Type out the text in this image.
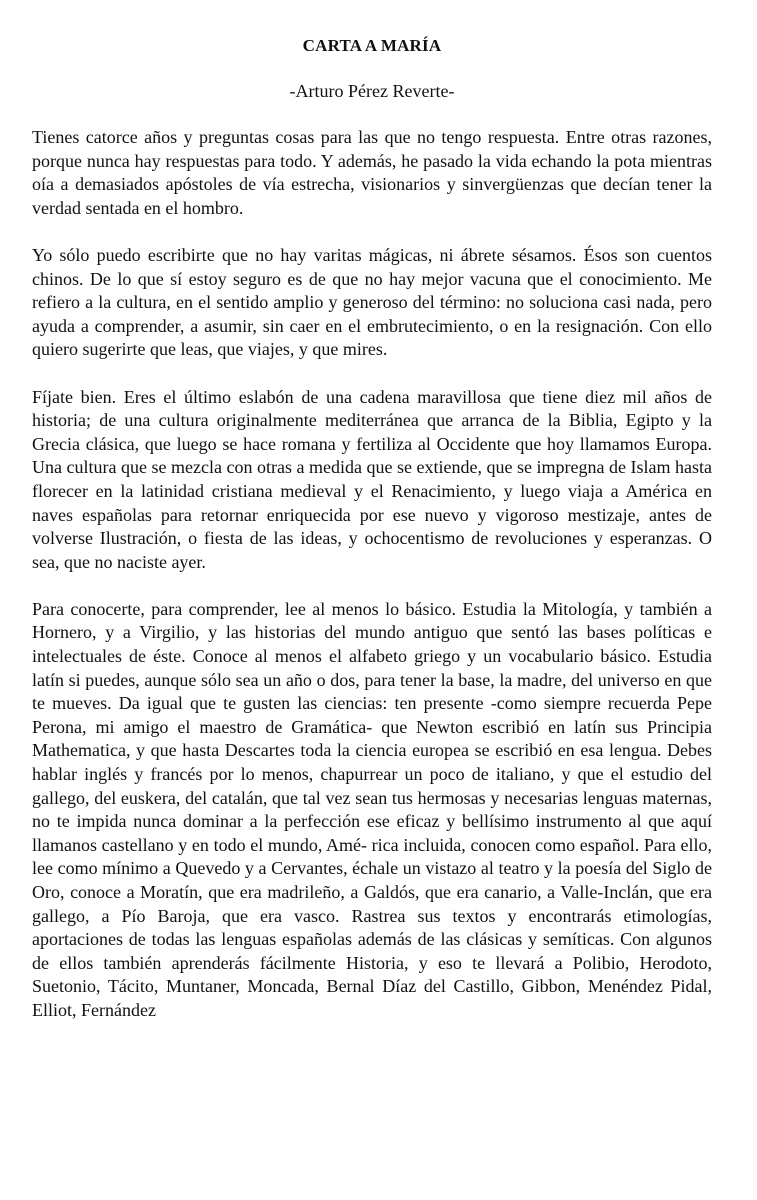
CARTA A MARÍA

-Arturo Pérez Reverte-

Tienes catorce años y preguntas cosas para las que no tengo respuesta. Entre otras razones, porque nunca hay respuestas para todo. Y además, he pasado la vida echando la pota mientras oía a demasiados apóstoles de vía estrecha, visionarios y sinvergüenzas que decían tener la verdad sentada en el hombro.

Yo sólo puedo escribirte que no hay varitas mágicas, ni ábrete sésamos. Ésos son cuentos chinos. De lo que sí estoy seguro es de que no hay mejor vacuna que el conocimiento. Me refiero a la cultura, en el sentido amplio y generoso del término: no soluciona casi nada, pero ayuda a comprender, a asumir, sin caer en el embrutecimiento, o en la resignación. Con ello quiero sugerirte que leas, que viajes, y que mires.

Fíjate bien. Eres el último eslabón de una cadena maravillosa que tiene diez mil años de historia; de una cultura originalmente mediterránea que arranca de la Biblia, Egipto y la Grecia clásica, que luego se hace romana y fertiliza al Occidente que hoy llamamos Europa. Una cultura que se mezcla con otras a medida que se extiende, que se impregna de Islam hasta florecer en la latinidad cristiana medieval y el Renacimiento, y luego viaja a América en naves españolas para retornar enriquecida por ese nuevo y vigoroso mestizaje, antes de volverse Ilustración, o fiesta de las ideas, y ochocentismo de revoluciones y esperanzas. O sea, que no naciste ayer.

Para conocerte, para comprender, lee al menos lo básico. Estudia la Mitología, y también a Hornero, y a Virgilio, y las historias del mundo antiguo que sentó las bases políticas e intelectuales de éste. Conoce al menos el alfabeto griego y un vocabulario básico. Estudia latín si puedes, aunque sólo sea un año o dos, para tener la base, la madre, del universo en que te mueves. Da igual que te gusten las ciencias: ten presente -como siempre recuerda Pepe Perona, mi amigo el maestro de Gramática- que Newton escribió en latín sus Principia Mathematica, y que hasta Descartes toda la ciencia europea se escribió en esa lengua. Debes hablar inglés y francés por lo menos, chapurrear un poco de italiano, y que el estudio del gallego, del euskera, del catalán, que tal vez sean tus hermosas y necesarias lenguas maternas, no te impida nunca dominar a la perfección ese eficaz y bellísimo instrumento al que aquí llamanos castellano y en todo el mundo, Amé- rica incluida, conocen como español. Para ello, lee como mínimo a Quevedo y a Cervantes, échale un vistazo al teatro y la poesía del Siglo de Oro, conoce a Moratín, que era madrileño, a Galdós, que era canario, a Valle-Inclán, que era gallego, a Pío Baroja, que era vasco. Rastrea sus textos y encontrarás etimologías, aportaciones de todas las lenguas españolas además de las clásicas y semíticas. Con algunos de ellos también aprenderás fácilmente Historia, y eso te llevará a Polibio, Herodoto, Suetonio, Tácito, Muntaner, Moncada, Bernal Díaz del Castillo, Gibbon, Menéndez Pidal, Elliot, Fernández
